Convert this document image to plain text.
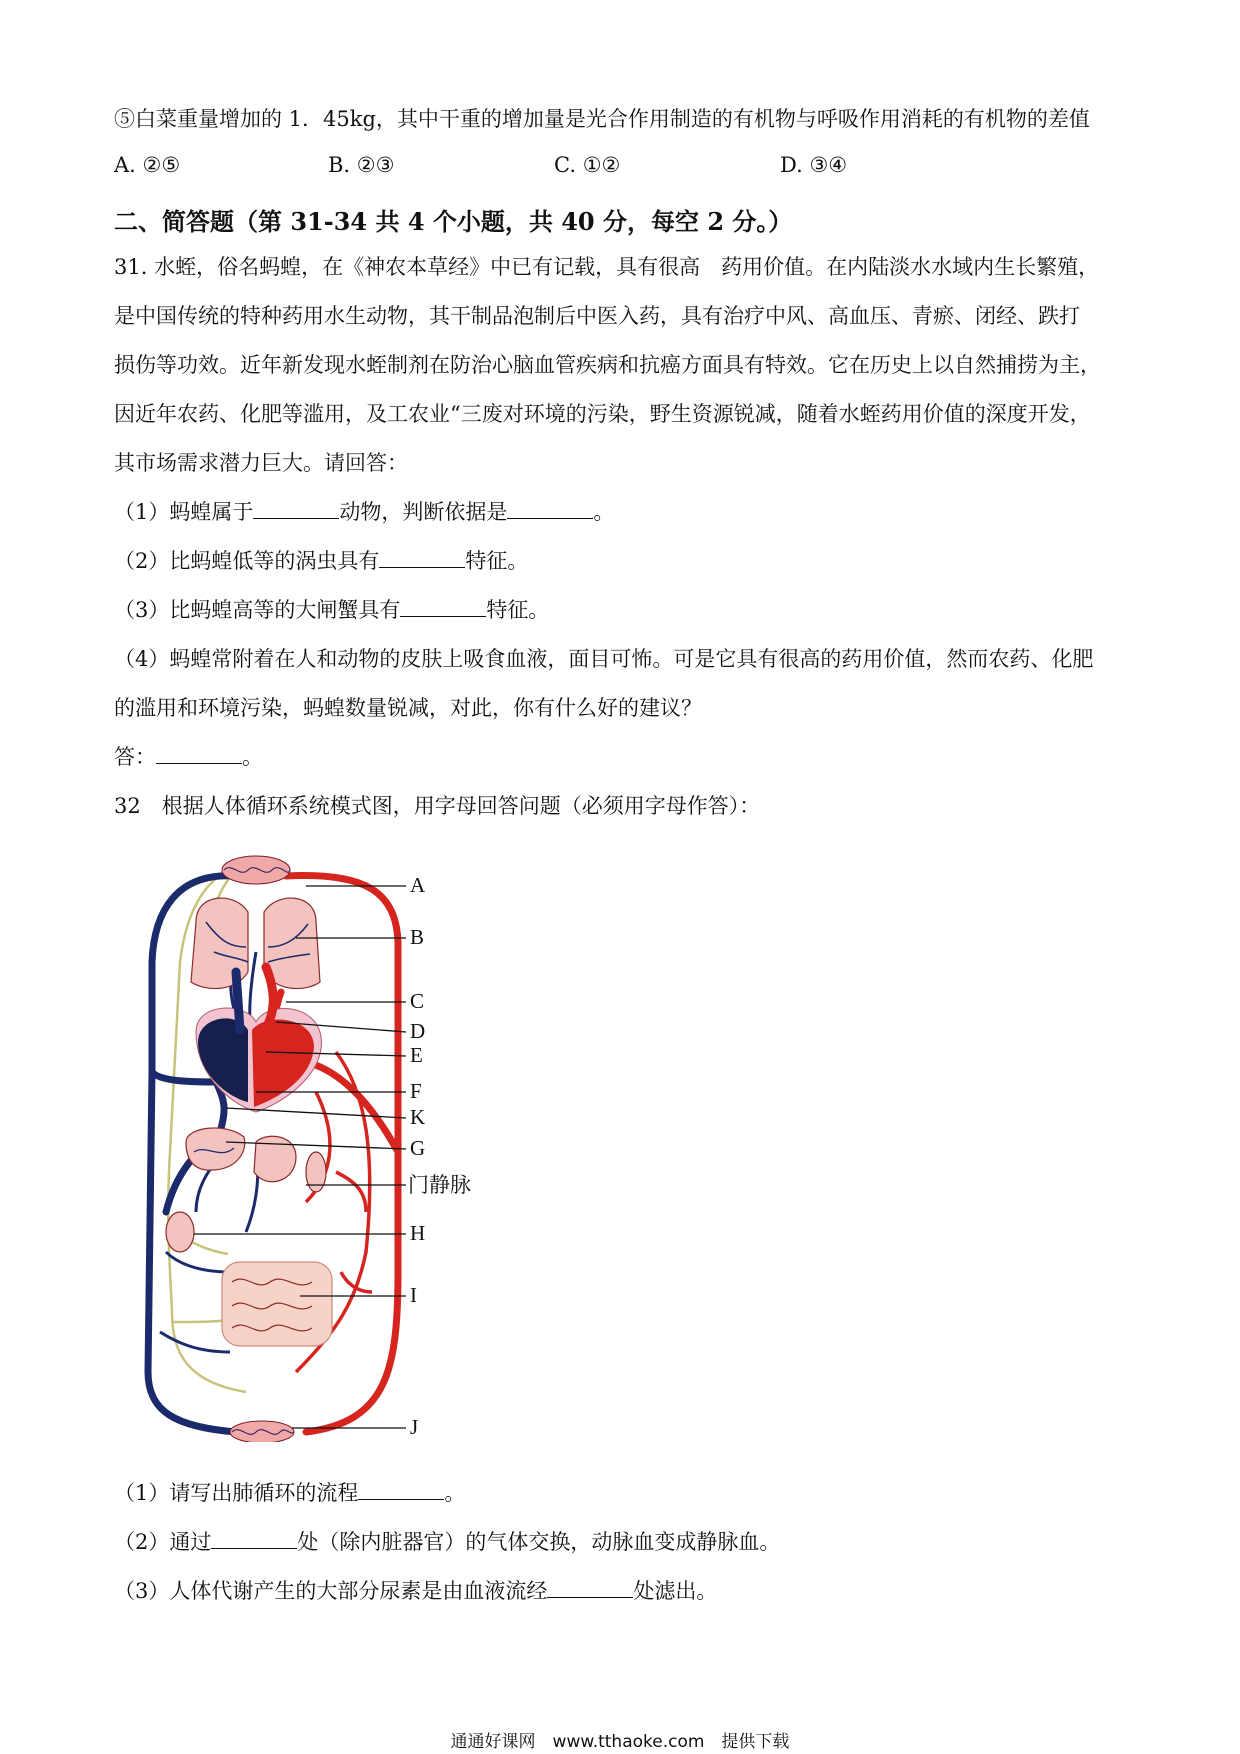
⑤白菜重量增加的 1．45kg，其中干重的增加量是光合作用制造的有机物与呼吸作用消耗的有机物的差值
A. ②⑤	B. ②③	C. ①②	D. ③④
二、简答题（第 31-34 共 4 个小题，共 40 分，每空 2 分。）
31. 水蛭，俗名蚂蝗，在《神农本草经》中已有记载，具有很高　药用价值。在内陆淡水水域内生长繁殖，
是中国传统的特种药用水生动物，其干制品泡制后中医入药，具有治疗中风、高血压、青瘀、闭经、跌打
损伤等功效。近年新发现水蛭制剂在防治心脑血管疾病和抗癌方面具有特效。它在历史上以自然捕捞为主，
因近年农药、化肥等滥用，及工农业“三废对环境的污染，野生资源锐减，随着水蛭药用价值的深度开发，
其市场需求潜力巨大。请回答：
（1）蚂蝗属于	动物，判断依据是	。
（2）比蚂蝗低等的涡虫具有	特征。
（3）比蚂蝗高等的大闸蟹具有	特征。
（4）蚂蝗常附着在人和动物的皮肤上吸食血液，面目可怖。可是它具有很高的药用价值，然而农药、化肥
的滥用和环境污染，蚂蝗数量锐减，对此，你有什么好的建议？
答：	。
32　根据人体循环系统模式图，用字母回答问题（必须用字母作答）：
A
B
C
D
E
F
K
G
门静脉
H
I
J
（1）请写出肺循环的流程	。
（2）通过	处（除内脏器官）的气体交换，动脉血变成静脉血。
（3）人体代谢产生的大部分尿素是由血液流经	处滤出。
通通好课网　www.tthaoke.com　提供下载
